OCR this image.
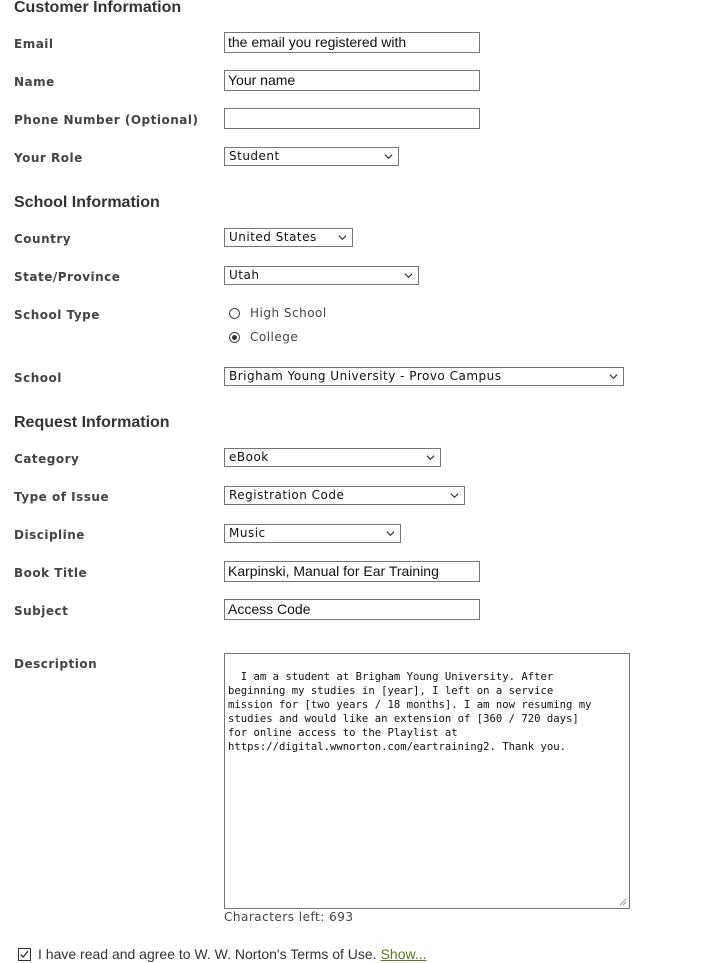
Customer Information
Email	the email you registered with
Name	Your name
Phone Number (Optional)
Your Role	Student
School Information
Country	United States
State/Province	Utah
School Type	High School
College
School	Brigham Young University - Provo Campus
Request Information
Category	eBook
Type of Issue	Registration Code
Discipline	Music
Book Title	Karpinski, Manual for Ear Training
Subject	Access Code
Description

I am a student at Brigham Young University. After
beginning my studies in [year], I left on a service
mission for [two years / 18 months]. I am now resuming my
studies and would like an extension of [360 / 720 days]
for online access to the Playlist at
https://digital.wwnorton.com/eartraining2. Thank you.

Characters left: 693
I have read and agree to W. W. Norton's Terms of Use. Show...
